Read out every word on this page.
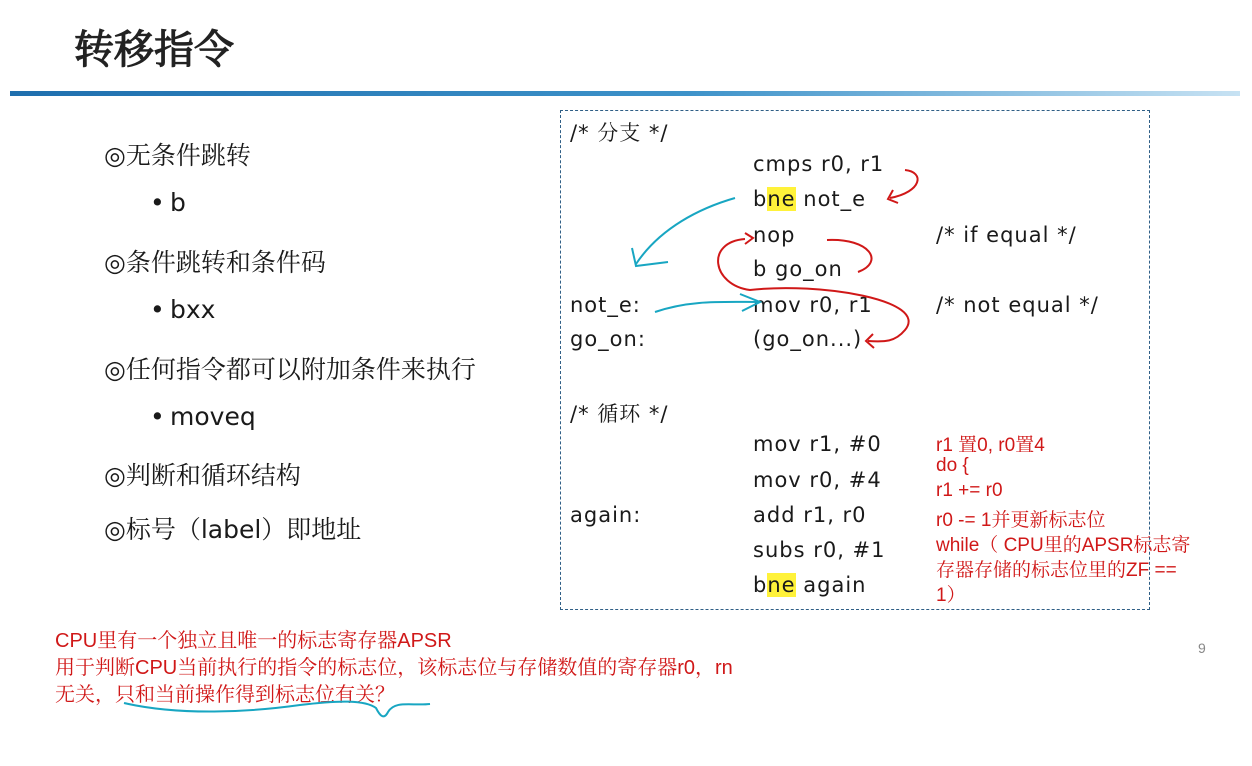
转移指令
◎无条件跳转
• b
◎条件跳转和条件码
• bxx
◎任何指令都可以附加条件来执行
• moveq
◎判断和循环结构
◎标号（label）即地址
/* 分支 */
cmps r0, r1
bne not_e
nop	/* if equal */
b go_on
not_e:	mov r0, r1	/* not equal */
go_on:	(go_on...)
/* 循环 */
mov r1, #0
mov r0, #4
again:	add r1, r0
subs r0, #1
bne again
r1 置0, r0置4
do {
r1 += r0
r0 -= 1并更新标志位
while（ CPU里的APSR标志寄
存器存储的标志位里的ZF ==
1）
CPU里有一个独立且唯一的标志寄存器APSR
用于判断CPU当前执行的指令的标志位，该标志位与存储数值的寄存器r0，rn
无关，只和当前操作得到标志位有关？
9
